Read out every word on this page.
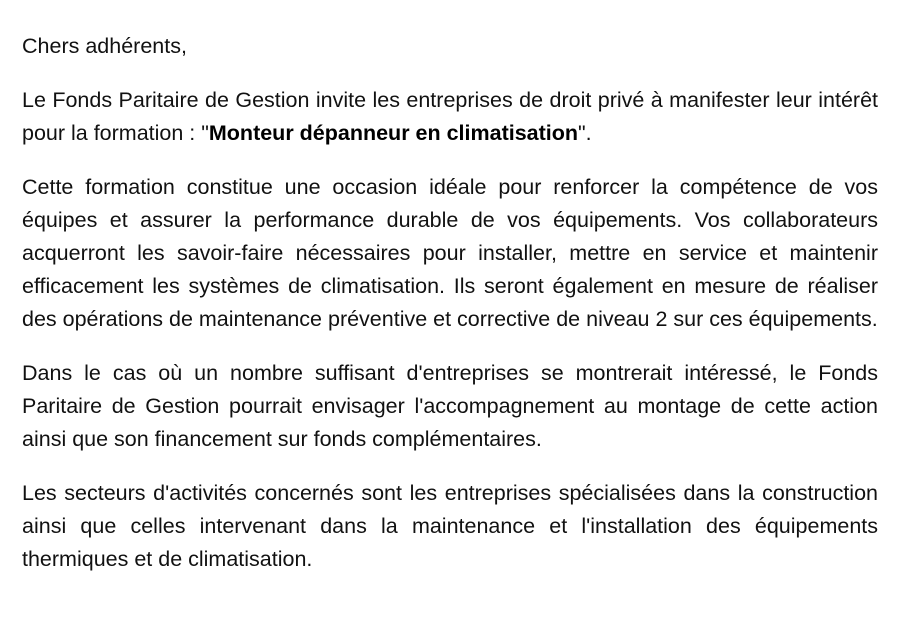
Chers adhérents,

Le Fonds Paritaire de Gestion invite les entreprises de droit privé à manifester leur intérêt pour la formation : "Monteur dépanneur en climatisation".

Cette formation constitue une occasion idéale pour renforcer la compétence de vos équipes et assurer la performance durable de vos équipements. Vos collaborateurs acquerront les savoir-faire nécessaires pour installer, mettre en service et maintenir efficacement les systèmes de climatisation. Ils seront également en mesure de réaliser des opérations de maintenance préventive et corrective de niveau 2 sur ces équipements.

Dans le cas où un nombre suffisant d'entreprises se montrerait intéressé, le Fonds Paritaire de Gestion pourrait envisager l'accompagnement au montage de cette action ainsi que son financement sur fonds complémentaires.

Les secteurs d'activités concernés sont les entreprises spécialisées dans la construction ainsi que celles intervenant dans la maintenance et l'installation des équipements thermiques et de climatisation.
